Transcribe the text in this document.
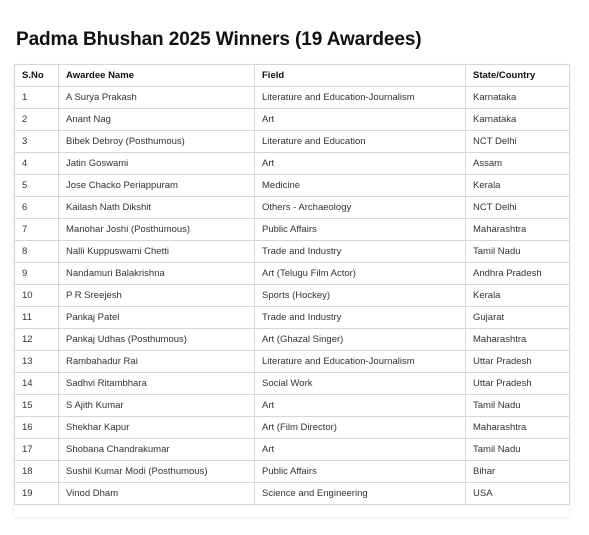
Padma Bhushan 2025 Winners (19 Awardees)
S.No	Awardee Name	Field	State/Country
1	A Surya Prakash	Literature and Education-Journalism	Karnataka
2	Anant Nag	Art	Karnataka
3	Bibek Debroy (Posthumous)	Literature and Education	NCT Delhi
4	Jatin Goswami	Art	Assam
5	Jose Chacko Periappuram	Medicine	Kerala
6	Kailash Nath Dikshit	Others - Archaeology	NCT Delhi
7	Manohar Joshi (Posthumous)	Public Affairs	Maharashtra
8	Nalli Kuppuswami Chetti	Trade and Industry	Tamil Nadu
9	Nandamuri Balakrishna	Art (Telugu Film Actor)	Andhra Pradesh
10	P R Sreejesh	Sports (Hockey)	Kerala
11	Pankaj Patel	Trade and Industry	Gujarat
12	Pankaj Udhas (Posthumous)	Art (Ghazal Singer)	Maharashtra
13	Rambahadur Rai	Literature and Education-Journalism	Uttar Pradesh
14	Sadhvi Ritambhara	Social Work	Uttar Pradesh
15	S Ajith Kumar	Art	Tamil Nadu
16	Shekhar Kapur	Art (Film Director)	Maharashtra
17	Shobana Chandrakumar	Art	Tamil Nadu
18	Sushil Kumar Modi (Posthumous)	Public Affairs	Bihar
19	Vinod Dham	Science and Engineering	USA
